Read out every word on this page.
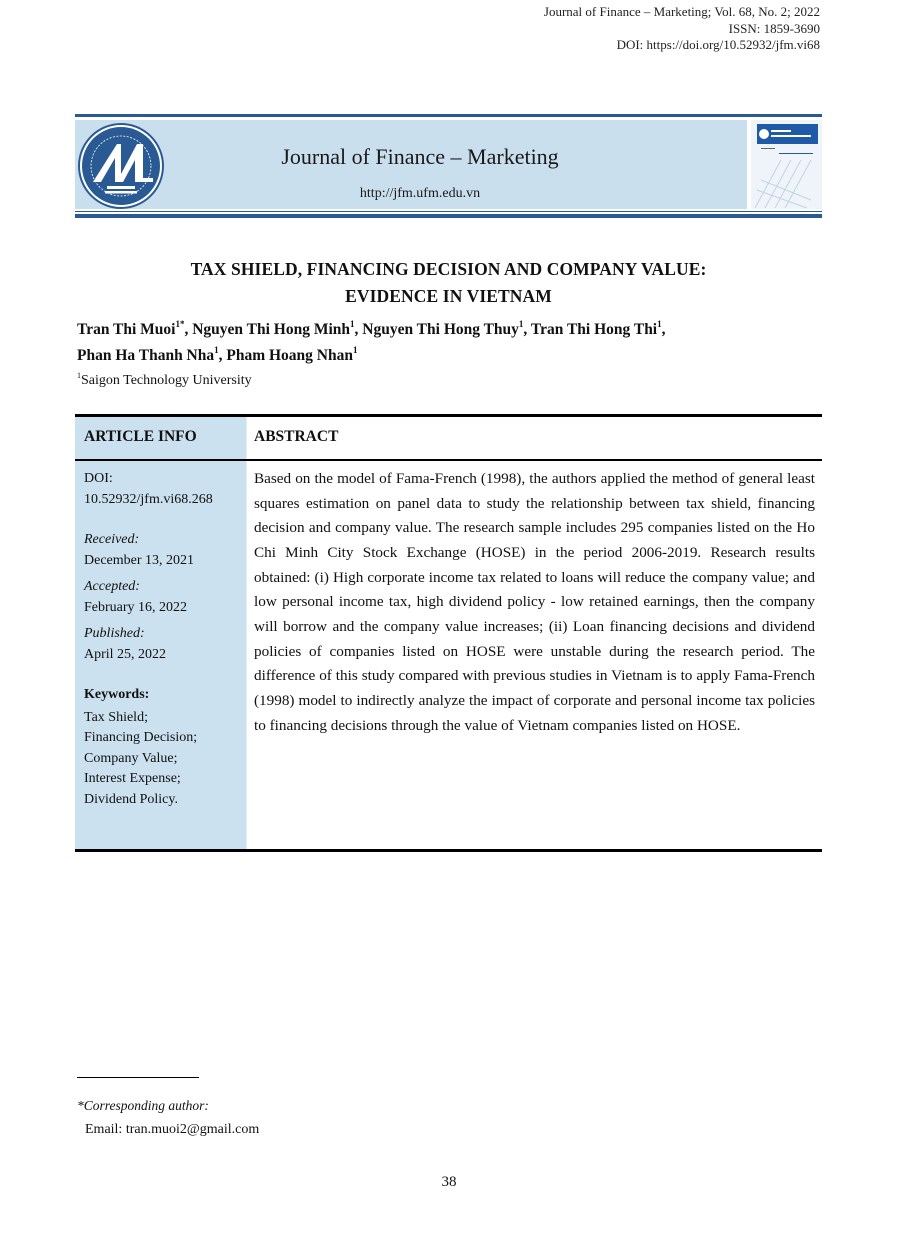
Journal of Finance – Marketing; Vol. 68, No. 2; 2022
ISSN: 1859-3690
DOI: https://doi.org/10.52932/jfm.vi68
Journal of Finance – Marketing
http://jfm.ufm.edu.vn
TAX SHIELD, FINANCING DECISION AND COMPANY VALUE:
EVIDENCE IN VIETNAM
Tran Thi Muoi$^{1*}$, Nguyen Thi Hong Minh$^1$, Nguyen Thi Hong Thuy$^1$, Tran Thi Hong Thi$^1$,
Phan Ha Thanh Nha$^1$, Pham Hoang Nhan$^1$
$^1$Saigon Technology University
ARTICLE INFO	ABSTRACT
DOI:
10.52932/jfm.vi68.268
Received:
December 13, 2021
Accepted:
February 16, 2022
Published:
April 25, 2022
Keywords:
Tax Shield;
Financing Decision;
Company Value;
Interest Expense;
Dividend Policy.
Based on the model of Fama-French (1998), the authors applied the method of general least squares estimation on panel data to study the relationship between tax shield, financing decision and company value. The research sample includes 295 companies listed on the Ho Chi Minh City Stock Exchange (HOSE) in the period 2006-2019. Research results obtained: (i) High corporate income tax related to loans will reduce the company value; and low personal income tax, high dividend policy - low retained earnings, then the company will borrow and the company value increases; (ii) Loan financing decisions and dividend policies of companies listed on HOSE were unstable during the research period. The difference of this study compared with previous studies in Vietnam is to apply Fama-French (1998) model to indirectly analyze the impact of corporate and personal income tax policies to financing decisions through the value of Vietnam companies listed on HOSE.
*Corresponding author:
Email: tran.muoi2@gmail.com
38
